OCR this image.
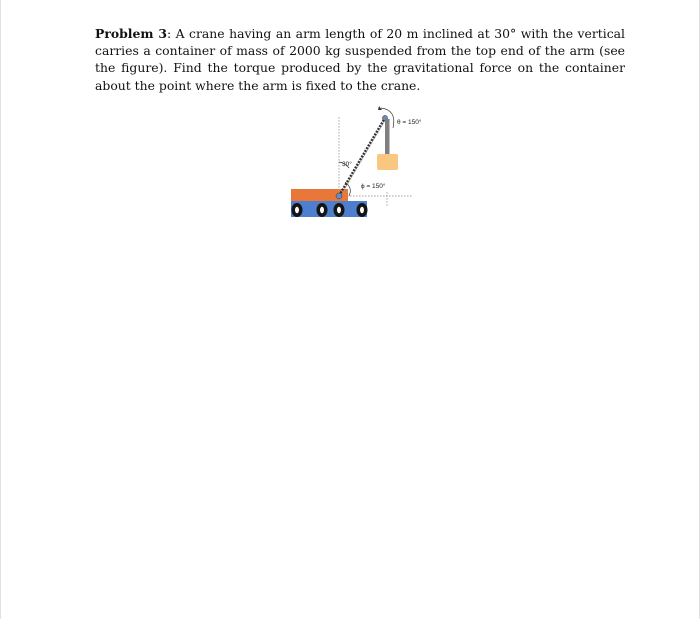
Problem 3: A crane having an arm length of 20 m inclined at 30° with the vertical carries a container of mass of 2000 kg suspended from the top end of the arm (see the figure). Find the torque produced by the gravitational force on the container about the point where the arm is fixed to the crane.

θ = 150°
30°
ϕ = 150°
